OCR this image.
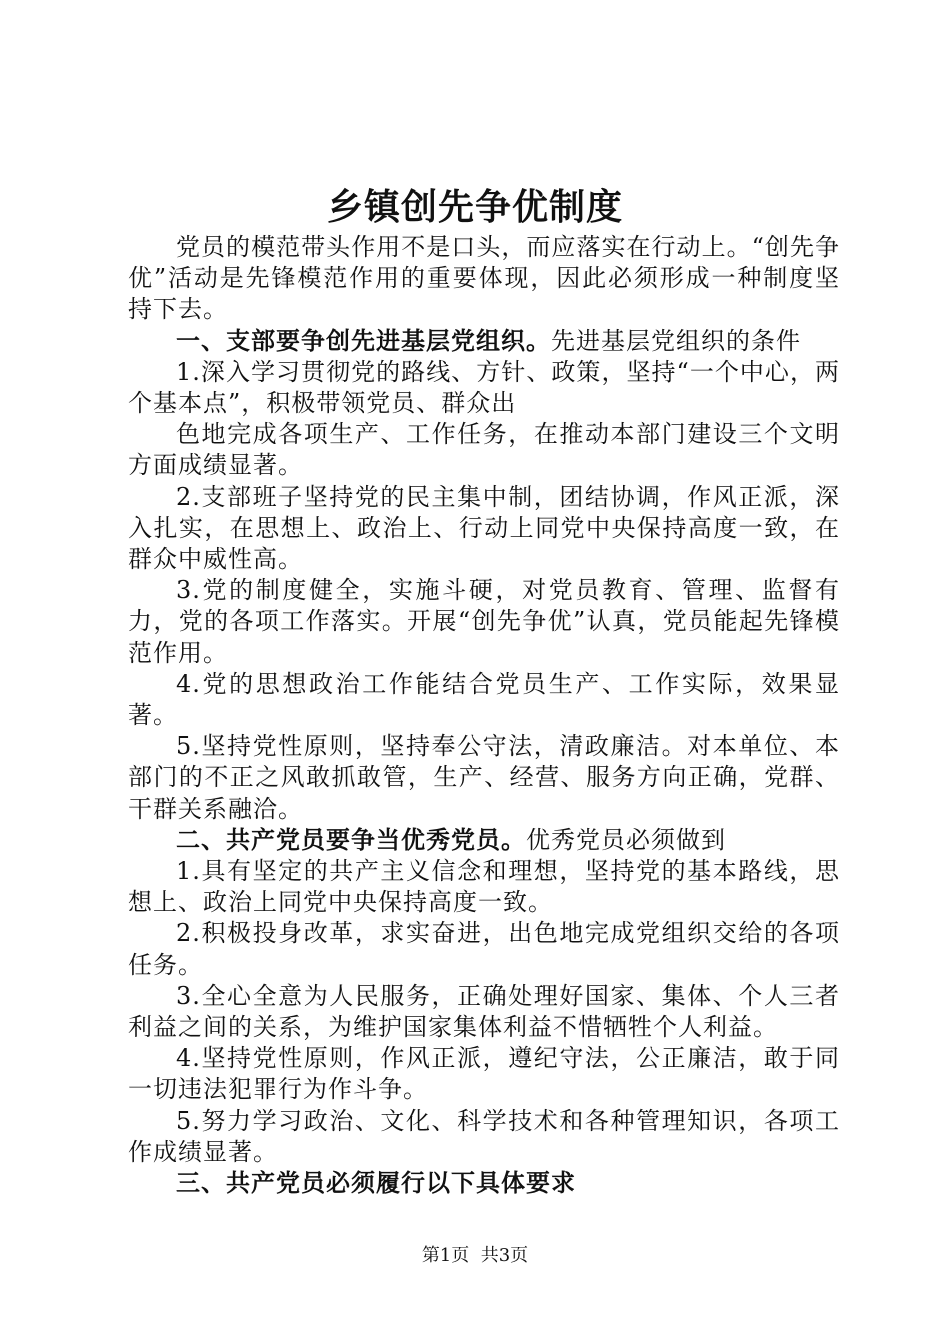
乡镇创先争优制度

党员的模范带头作用不是口头，而应落实在行动上。“创先争优”活动是先锋模范作用的重要体现，因此必须形成一种制度坚持下去。

一、支部要争创先进基层党组织。先进基层党组织的条件

1.深入学习贯彻党的路线、方针、政策，坚持“一个中心，两个基本点”，积极带领党员、群众出

色地完成各项生产、工作任务，在推动本部门建设三个文明方面成绩显著。

2.支部班子坚持党的民主集中制，团结协调，作风正派，深入扎实，在思想上、政治上、行动上同党中央保持高度一致，在群众中威性高。

3.党的制度健全，实施斗硬，对党员教育、管理、监督有力，党的各项工作落实。开展“创先争优”认真，党员能起先锋模范作用。

4.党的思想政治工作能结合党员生产、工作实际，效果显著。

5.坚持党性原则，坚持奉公守法，清政廉洁。对本单位、本部门的不正之风敢抓敢管，生产、经营、服务方向正确，党群、干群关系融洽。

二、共产党员要争当优秀党员。优秀党员必须做到

1.具有坚定的共产主义信念和理想，坚持党的基本路线，思想上、政治上同党中央保持高度一致。

2.积极投身改革，求实奋进，出色地完成党组织交给的各项任务。

3.全心全意为人民服务，正确处理好国家、集体、个人三者利益之间的关系，为维护国家集体利益不惜牺牲个人利益。

4.坚持党性原则，作风正派，遵纪守法，公正廉洁，敢于同一切违法犯罪行为作斗争。

5.努力学习政治、文化、科学技术和各种管理知识，各项工作成绩显著。

三、共产党员必须履行以下具体要求

第1页 共3页
